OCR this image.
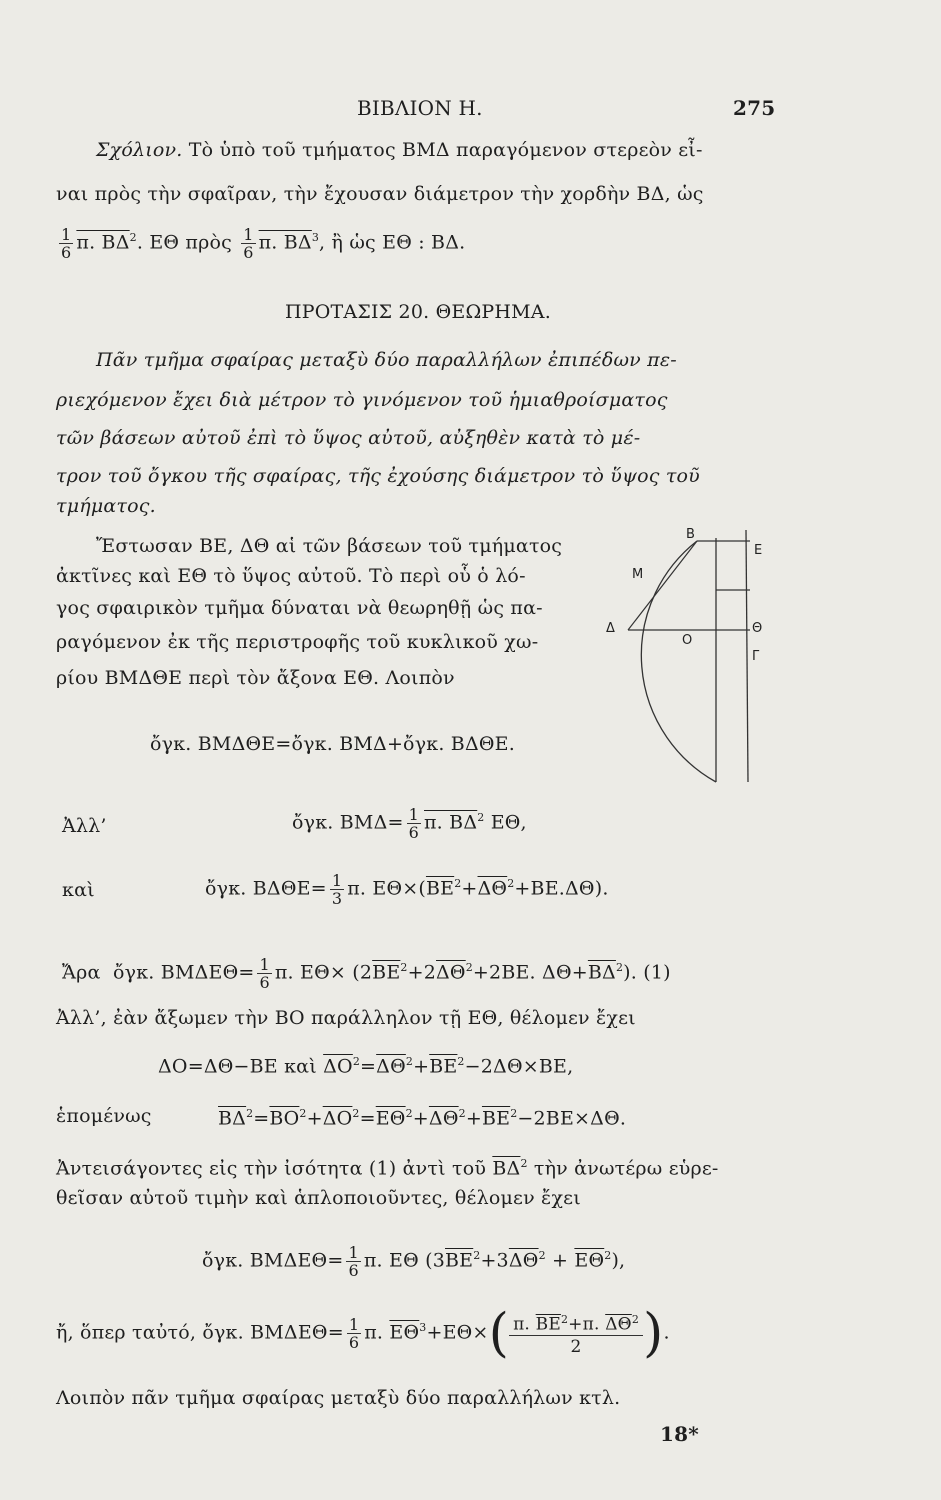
ΒΙΒΛΙΟΝ Η.	275
Σχόλιον. Τὸ ὑπὸ τοῦ τμήματος ΒΜΔ παραγόμενον στερεὸν εἶ-
ναι πρὸς τὴν σφαῖραν, τὴν ἔχουσαν διάμετρον τὴν χορδὴν ΒΔ, ὡς
$\frac{1}{6} \pi$. $B\Delta^2$. ΕΘ πρὸς $\frac{1}{6} \pi$. $B\Delta^3$, ἢ ὡς ΕΘ : ΒΔ.
ΠΡΟΤΑΣΙΣ 20. ΘΕΩΡΗΜΑ.
Πᾶν τμῆμα σφαίρας μεταξὺ δύο παραλλήλων ἐπιπέδων πε-
ριεχόμενον ἔχει διὰ μέτρον τὸ γινόμενον τοῦ ἡμιαθροίσματος
τῶν βάσεων αὐτοῦ ἐπὶ τὸ ὕψος αὐτοῦ, αὐξηθὲν κατὰ τὸ μέ-
τρον τοῦ ὄγκου τῆς σφαίρας, τῆς ἐχούσης διάμετρον τὸ ὕψος τοῦ
τμήματος.
Ἔστωσαν ΒΕ, ΔΘ αἱ τῶν βάσεων τοῦ τμήματος
ἀκτῖνες καὶ ΕΘ τὸ ὕψος αὐτοῦ. Τὸ περὶ οὗ ὁ λό-
γος σφαιρικὸν τμῆμα δύναται νὰ θεωρηθῇ ὡς πα-
ραγόμενον ἐκ τῆς περιστροφῆς τοῦ κυκλικοῦ χω-
ρίου ΒΜΔΘΕ περὶ τὸν ἄξονα ΕΘ. Λοιπὸν
Β
Ε
Μ
Δ
Ο
Θ
Γ
ὄγκ. ΒΜΔΘΕ=ὄγκ. ΒΜΔ+ὄγκ. ΒΔΘΕ.
Ἀλλ’	ὄγκ. $BM\Delta= \frac{1}{6} \pi$. $B\Delta^2$ ΕΘ,
καὶ	ὄγκ. $B\Delta\Theta E= \frac{1}{3} \pi$. $E\Theta\times(\overline{BE}^2+\overline{\Delta\Theta}^2+BE.\Delta\Theta)$.
Ἄρα ὄγκ. $BM\Delta E\Theta= \frac{1}{6} \pi$. $E\Theta\times (2\overline{BE}^2+2\overline{\Delta\Theta}^2+2BE$. $\Delta\Theta+\overline{B\Delta}^2$). (1)
Ἀλλ’, ἐὰν ἄξωμεν τὴν ΒΟ παράλληλον τῇ ΕΘ, θέλομεν ἔχει
ΔΟ=ΔΘ−ΒΕ καὶ $\overline{\Delta O}^2=\overline{\Delta\Theta}^2+\overline{BE}^2-2\Delta\Theta\times BE$,
ἑπομένως	$\overline{B\Delta}^2=\overline{BO}^2+\overline{\Delta O}^2=\overline{E\Theta}^2+\overline{\Delta\Theta}^2+\overline{BE}^2-2BE\times\Delta\Theta$.
Ἀντεισάγοντες εἰς τὴν ἰσότητα (1) ἀντὶ τοῦ $\overline{B\Delta}^2$ τὴν ἀνωτέρω εὑρε-
θεῖσαν αὐτοῦ τιμὴν καὶ ἁπλοποιοῦντες, θέλομεν ἔχει
ὄγκ. $BM\Delta E\Theta= \frac{1}{6} \pi$. ΕΘ $(3\overline{BE}^2+3\overline{\Delta\Theta}^2 + \overline{E\Theta}^2)$,
ἤ, ὅπερ ταὐτό, ὄγκ. $BM\Delta E\Theta= \frac{1}{6} \pi$. $\overline{E\Theta}^3+E\Theta\times( \frac{\pi. \overline{BE}^2+\pi. \overline{\Delta\Theta}^2}{2}$ ).
Λοιπὸν πᾶν τμῆμα σφαίρας μεταξὺ δύο παραλλήλων κτλ.
18*
